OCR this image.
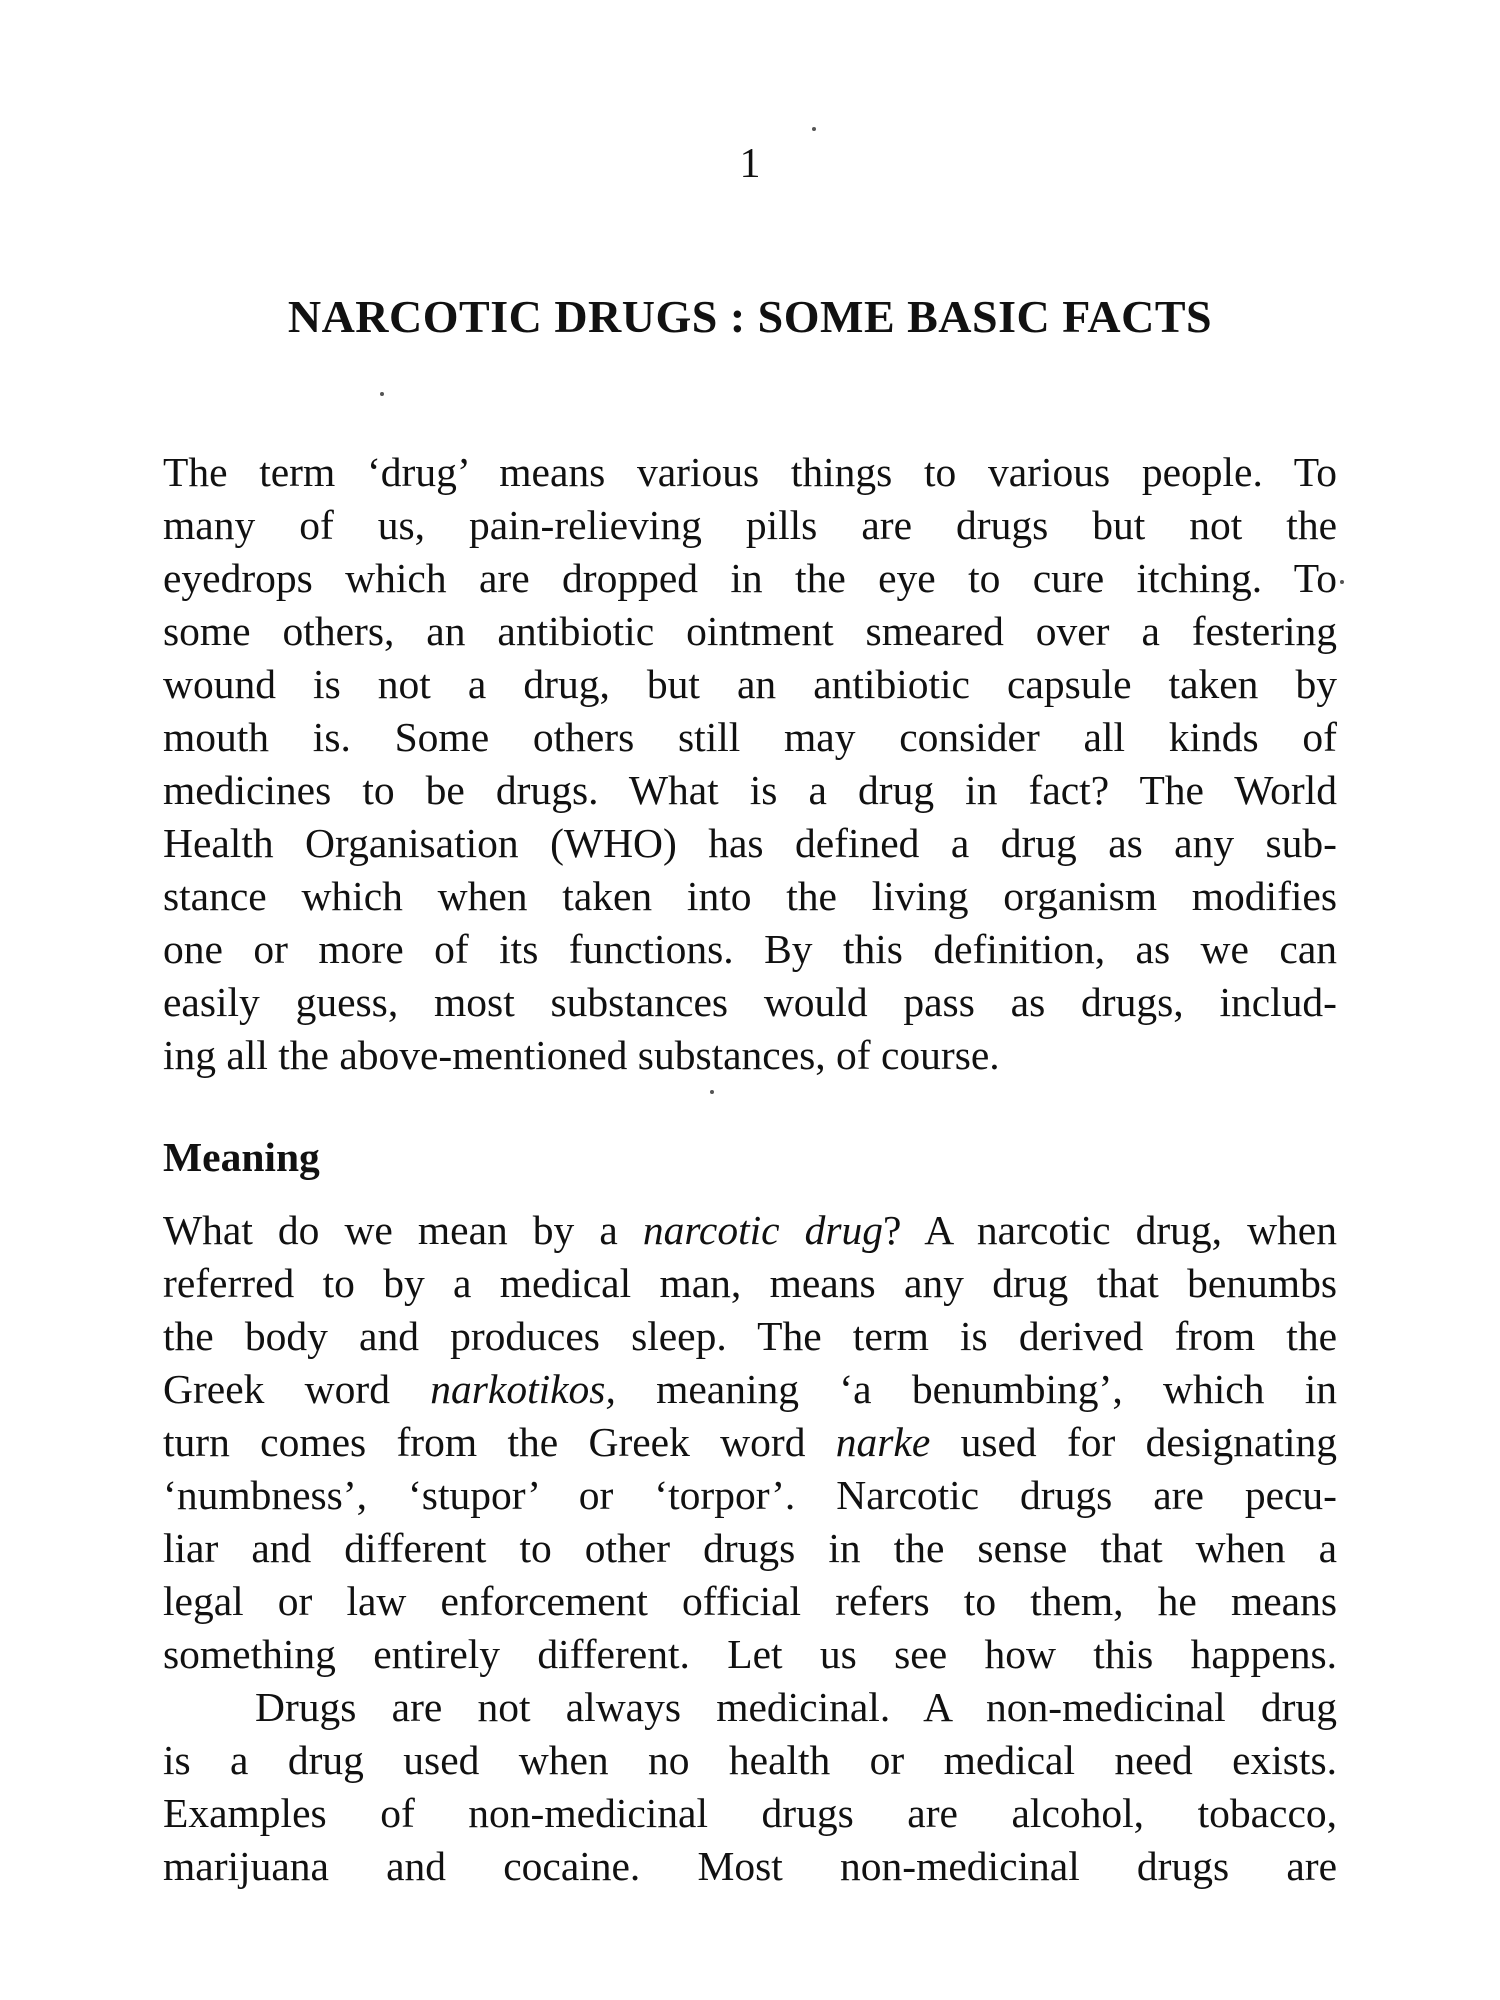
1
NARCOTIC DRUGS : SOME BASIC FACTS
The term ‘drug’ means various things to various people. To
many of us, pain-relieving pills are drugs but not the
eyedrops which are dropped in the eye to cure itching. To
some others, an antibiotic ointment smeared over a festering
wound is not a drug, but an antibiotic capsule taken by
mouth is. Some others still may consider all kinds of
medicines to be drugs. What is a drug in fact? The World
Health Organisation (WHO) has defined a drug as any sub-
stance which when taken into the living organism modifies
one or more of its functions. By this definition, as we can
easily guess, most substances would pass as drugs, includ-
ing all the above-mentioned substances, of course.
Meaning
What do we mean by a narcotic drug? A narcotic drug, when
referred to by a medical man, means any drug that benumbs
the body and produces sleep. The term is derived from the
Greek word narkotikos, meaning ‘a benumbing’, which in
turn comes from the Greek word narke used for designating
‘numbness’, ‘stupor’ or ‘torpor’. Narcotic drugs are pecu-
liar and different to other drugs in the sense that when a
legal or law enforcement official refers to them, he means
something entirely different. Let us see how this happens.
Drugs are not always medicinal. A non-medicinal drug
is a drug used when no health or medical need exists.
Examples of non-medicinal drugs are alcohol, tobacco,
marijuana and cocaine. Most non-medicinal drugs are
